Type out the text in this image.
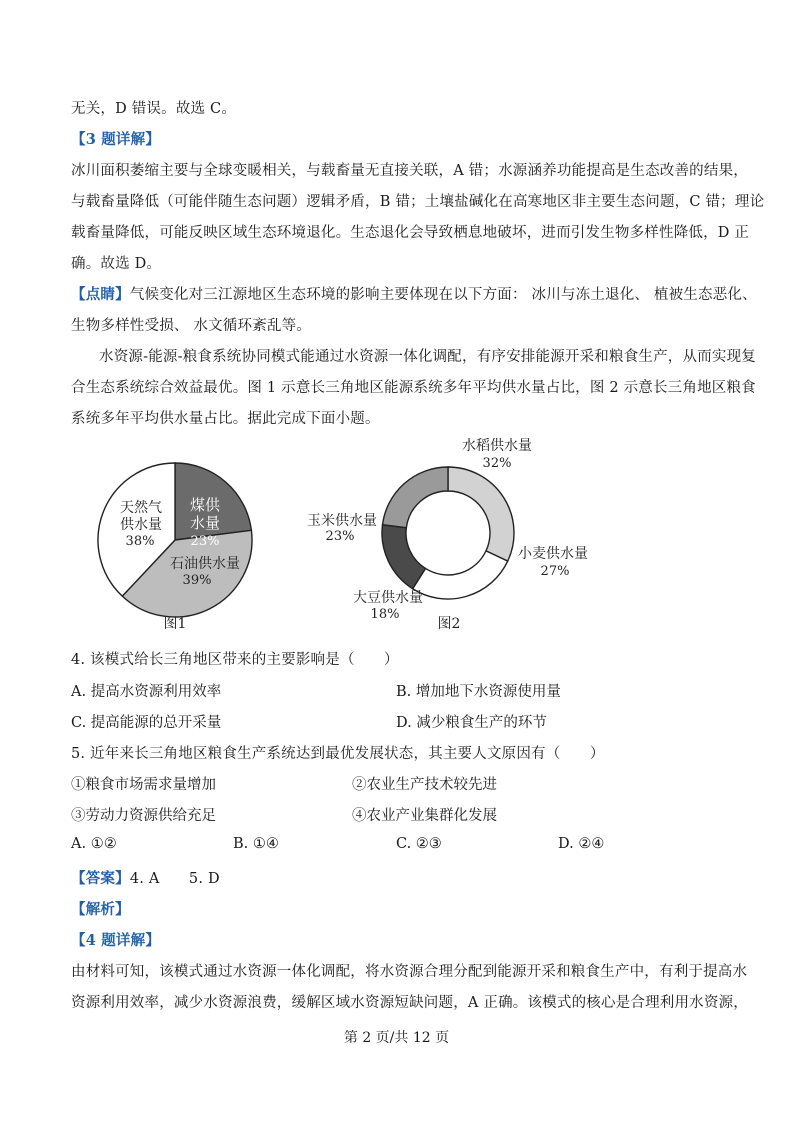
无关，D 错误。故选 C。
【3 题详解】
冰川面积萎缩主要与全球变暖相关，与载畜量无直接关联，A 错；水源涵养功能提高是生态改善的结果，
与载畜量降低（可能伴随生态问题）逻辑矛盾，B 错；土壤盐碱化在高寒地区非主要生态问题，C 错；理论
载畜量降低，可能反映区域生态环境退化。生态退化会导致栖息地破坏，进而引发生物多样性降低，D 正
确。故选 D。
【点睛】气候变化对三江源地区生态环境的影响主要体现在以下方面： 冰川与冻土退化、 植被生态恶化、
生物多样性受损、 水文循环紊乱等。
水资源-能源-粮食系统协同模式能通过水资源一体化调配，有序安排能源开采和粮食生产，从而实现复
合生态系统综合效益最优。图 1 示意长三角地区能源系统多年平均供水量占比，图 2 示意长三角地区粮食
系统多年平均供水量占比。据此完成下面小题。
煤供
水量
23%
石油供水量
39%
天然气
供水量
38%
图1
水稻供水量
32%
玉米供水量
23%
小麦供水量
27%
大豆供水量
18%
图2
4. 该模式给长三角地区带来的主要影响是（　　）
A. 提高水资源利用效率	B. 增加地下水资源使用量
C. 提高能源的总开采量	D. 减少粮食生产的环节
5. 近年来长三角地区粮食生产系统达到最优发展状态，其主要人文原因有（　　）
①粮食市场需求量增加	②农业生产技术较先进
③劳动力资源供给充足	④农业产业集群化发展
A. ①②	B. ①④	C. ②③	D. ②④
【答案】4. A　　5. D
【解析】
【4 题详解】
由材料可知，该模式通过水资源一体化调配，将水资源合理分配到能源开采和粮食生产中，有利于提高水
资源利用效率，减少水资源浪费，缓解区域水资源短缺问题，A 正确。该模式的核心是合理利用水资源，
第 2 页/共 12 页
